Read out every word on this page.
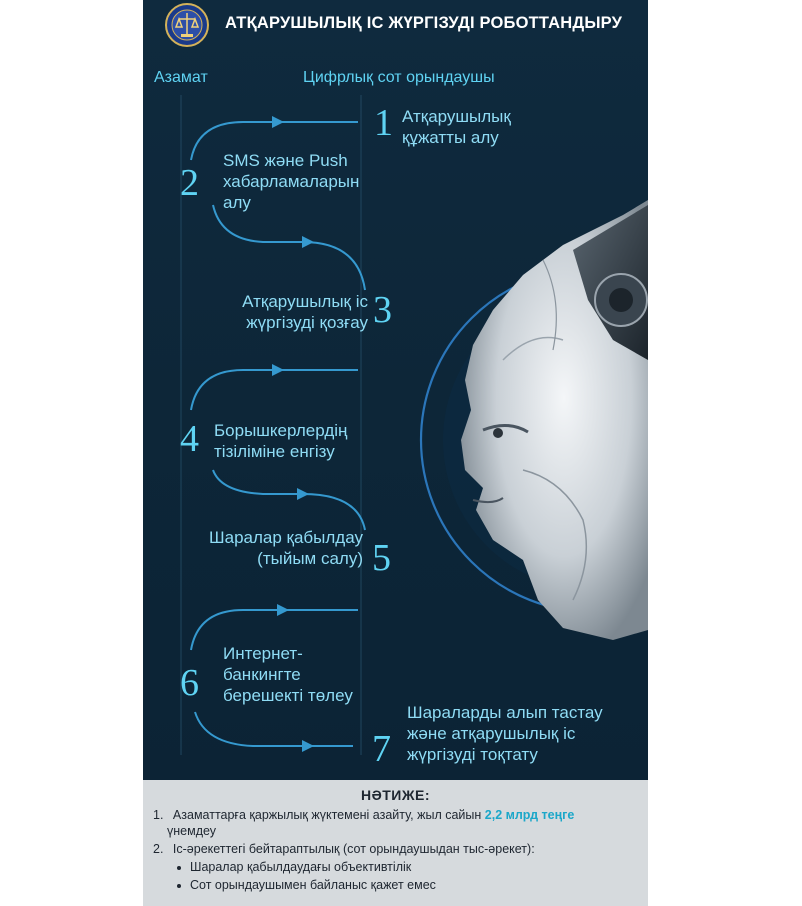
АТҚАРУШЫЛЫҚ ІС ЖҮРГІЗУДІ РОБОТТАНДЫРУ
Азамат	Цифрлық сот орындаушы
1 Атқарушылық
құжатты алу
2
SMS және Push
хабарламаларын
алу
3
Атқарушылық іс
жүргізуді қозғау
4 Борышкерлердің
тізіліміне енгізу
5
Шаралар қабылдау
(тыйым салу)
6
Интернет-
банкингте
берешекті төлеу
7
Шараларды алып тастау
және атқарушылық іс
жүргізуді тоқтату
НӘТИЖЕ:
1. Азаматтарға қаржылық жүктемені азайту, жыл сайын 2,2 млрд теңге
үнемдеу
2. Іс-әрекеттегі бейтараптылық (сот орындаушыдан тыс-әрекет):
Шаралар қабылдаудағы объективтілік
Сот орындаушымен байланыс қажет емес
